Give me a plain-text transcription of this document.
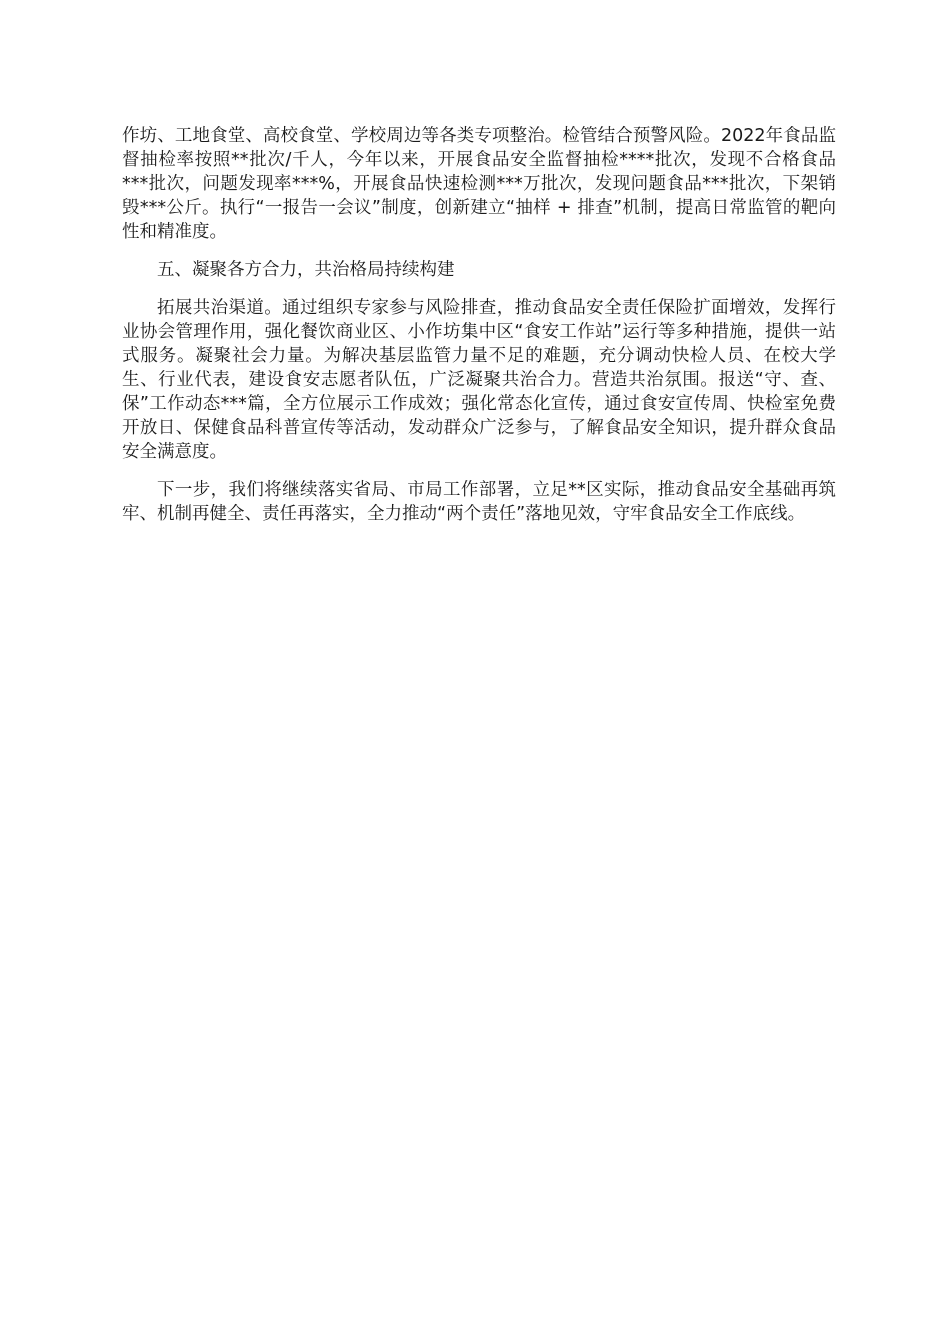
作坊、工地食堂、高校食堂、学校周边等各类专项整治。检管结合预警风险。2022年食品监督抽检率按照**批次/千人，今年以来，开展食品安全监督抽检****批次，发现不合格食品***批次，问题发现率***%，开展食品快速检测***万批次，发现问题食品***批次，下架销毁***公斤。执行“一报告一会议”制度，创新建立“抽样 + 排查”机制，提高日常监管的靶向性和精准度。

五、凝聚各方合力，共治格局持续构建

拓展共治渠道。通过组织专家参与风险排查，推动食品安全责任保险扩面增效，发挥行业协会管理作用，强化餐饮商业区、小作坊集中区“食安工作站”运行等多种措施，提供一站式服务。凝聚社会力量。为解决基层监管力量不足的难题，充分调动快检人员、在校大学生、行业代表，建设食安志愿者队伍，广泛凝聚共治合力。营造共治氛围。报送“守、查、保”工作动态***篇，全方位展示工作成效；强化常态化宣传，通过食安宣传周、快检室免费开放日、保健食品科普宣传等活动，发动群众广泛参与，了解食品安全知识，提升群众食品安全满意度。

下一步，我们将继续落实省局、市局工作部署，立足**区实际，推动食品安全基础再筑牢、机制再健全、责任再落实，全力推动“两个责任”落地见效，守牢食品安全工作底线。
